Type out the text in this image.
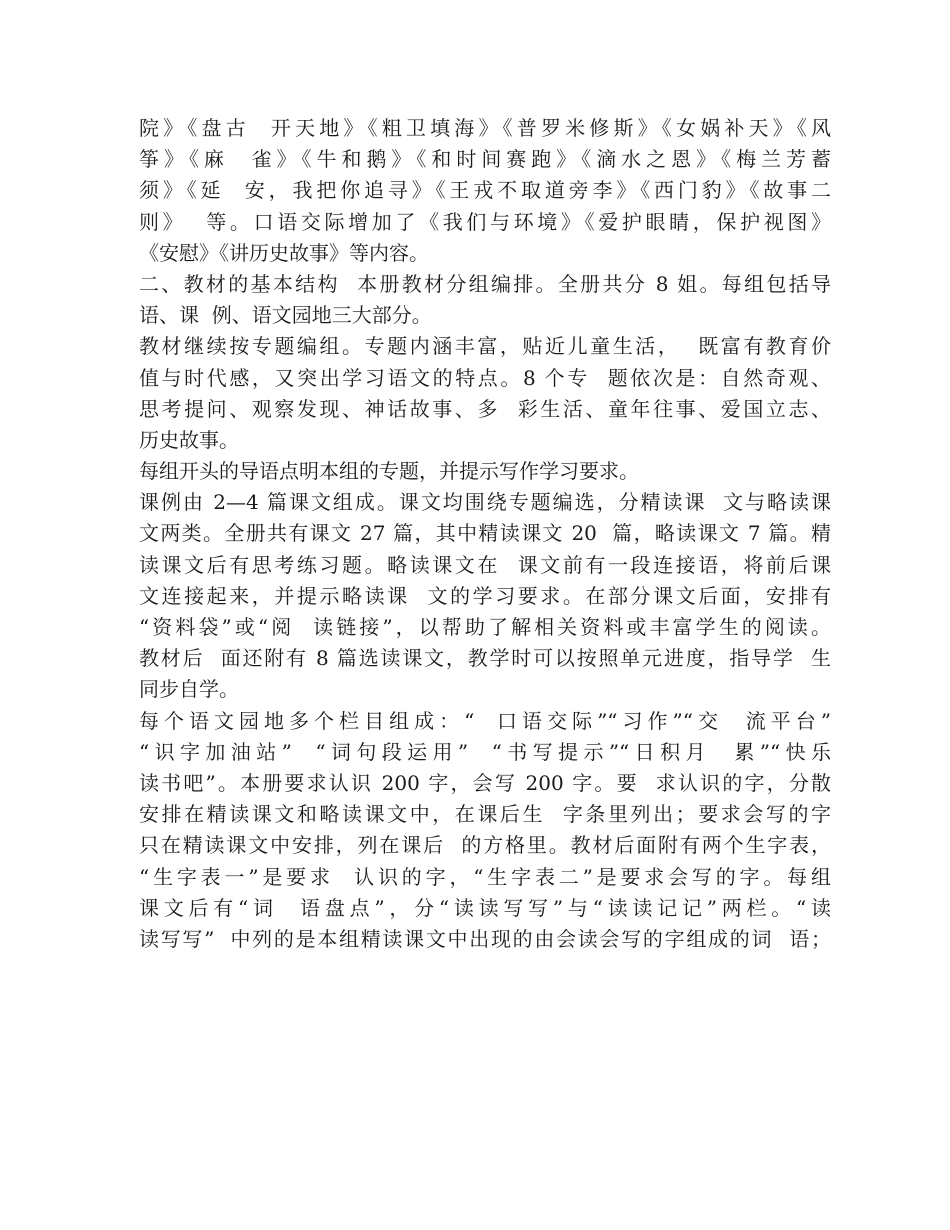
院》《盘古  开天地》《粗卫填海》《普罗米修斯》《女娲补天》《风
筝》《麻  雀》《牛和鹅》《和时间赛跑》《滴水之恩》《梅兰芳蓄
须》《延  安，我把你追寻》《王戎不取道旁李》《西门豹》《故事二
则》  等。口语交际增加了《我们与环境》《爱护眼睛，保护视图》
《安慰》《讲历史故事》等内容。
二、教材的基本结构  本册教材分组编排。全册共分 8 姐。每组包括导
语、课  例、语文园地三大部分。
教材继续按专题编组。专题内涵丰富，贴近儿童生活，  既富有教育价
值与时代感，又突出学习语文的特点。8 个专  题依次是：自然奇观、
思考提问、观察发现、神话故事、多  彩生活、童年往事、爱国立志、
历史故事。
每组开头的导语点明本组的专题，并提示写作学习要求。
课例由 2—4 篇课文组成。课文均围绕专题编选，分精读课  文与略读课
文两类。全册共有课文 27 篇，其中精读课文 20  篇，略读课文 7 篇。精
读课文后有思考练习题。略读课文在  课文前有一段连接语，将前后课
文连接起来，并提示略读课  文的学习要求。在部分课文后面，安排有
“资料袋”或“阅  读链接”，以帮助了解相关资料或丰富学生的阅读。
教材后  面还附有 8 篇选读课文，教学时可以按照单元进度，指导学  生
同步自学。
每个语文园地多个栏目组成：“  口语交际”“习作”“交  流平台”
“识字加油站”  “词句段运用”  “书写提示”“日积月  累”“快乐
读书吧”。本册要求认识 200 字，会写 200 字。要  求认识的字，分散
安排在精读课文和略读课文中，在课后生  字条里列出；要求会写的字
只在精读课文中安排，列在课后  的方格里。教材后面附有两个生字表，
“生字表一”是要求  认识的字，“生字表二”是要求会写的字。每组
课文后有“词  语盘点”，分“读读写写”与“读读记记”两栏。“读
读写写”  中列的是本组精读课文中出现的由会读会写的字组成的词  语；
